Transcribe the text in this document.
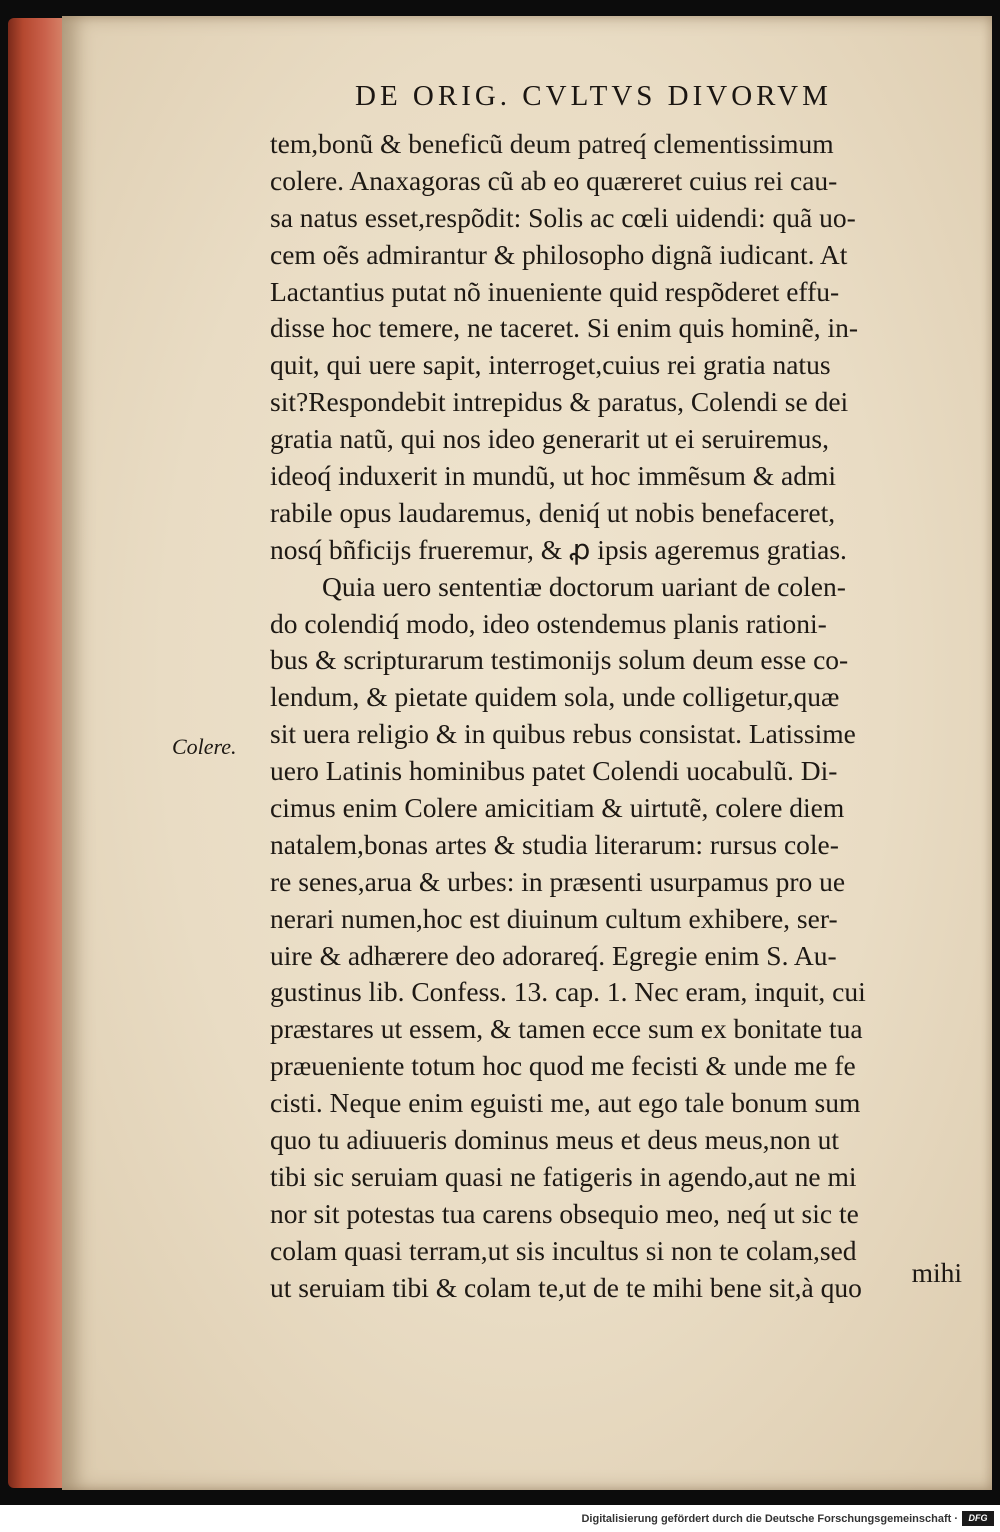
DE ORIG. CVLTVS DIVORVM
Colere.
tem,bonũ & beneficũ deum patreq́ clementissimum
colere. Anaxagoras cũ ab eo quæreret cuius rei cau-
sa natus esset,respõdit: Solis ac cœli uidendi: quã uo-
cem oẽs admirantur & philosopho dignã iudicant. At
Lactantius putat nõ inueniente quid respõderet effu-
disse hoc temere, ne taceret. Si enim quis hominẽ, in-
quit, qui uere sapit, interroget,cuius rei gratia natus
sit?Respondebit intrepidus & paratus, Colendi se dei
gratia natũ, qui nos ideo generarit ut ei seruiremus,
ideoq́ induxerit in mundũ, ut hoc immẽsum & admi
rabile opus laudaremus, deniq́ ut nobis benefaceret,
nosq́ bñficijs frueremur, & ꝓ ipsis ageremus gratias.
Quia uero sententiæ doctorum uariant de colen-
do colendiq́ modo, ideo ostendemus planis rationi-
bus & scripturarum testimonijs solum deum esse co-
lendum, & pietate quidem sola, unde colligetur,quæ
sit uera religio & in quibus rebus consistat. Latissime
uero Latinis hominibus patet Colendi uocabulũ. Di-
cimus enim Colere amicitiam & uirtutẽ, colere diem
natalem,bonas artes & studia literarum: rursus cole-
re senes,arua & urbes: in præsenti usurpamus pro ue
nerari numen,hoc est diuinum cultum exhibere, ser-
uire & adhærere deo adorareq́. Egregie enim S. Au-
gustinus lib. Confess. 13. cap. 1. Nec eram, inquit, cui
præstares ut essem, & tamen ecce sum ex bonitate tua
præueniente totum hoc quod me fecisti & unde me fe
cisti. Neque enim eguisti me, aut ego tale bonum sum
quo tu adiuueris dominus meus et deus meus,non ut
tibi sic seruiam quasi ne fatigeris in agendo,aut ne mi
nor sit potestas tua carens obsequio meo, neq́ ut sic te
colam quasi terram,ut sis incultus si non te colam,sed
ut seruiam tibi & colam te,ut de te mihi bene sit,à quo	mihi
Digitalisierung gefördert durch die Deutsche Forschungsgemeinschaft ·	DFG
